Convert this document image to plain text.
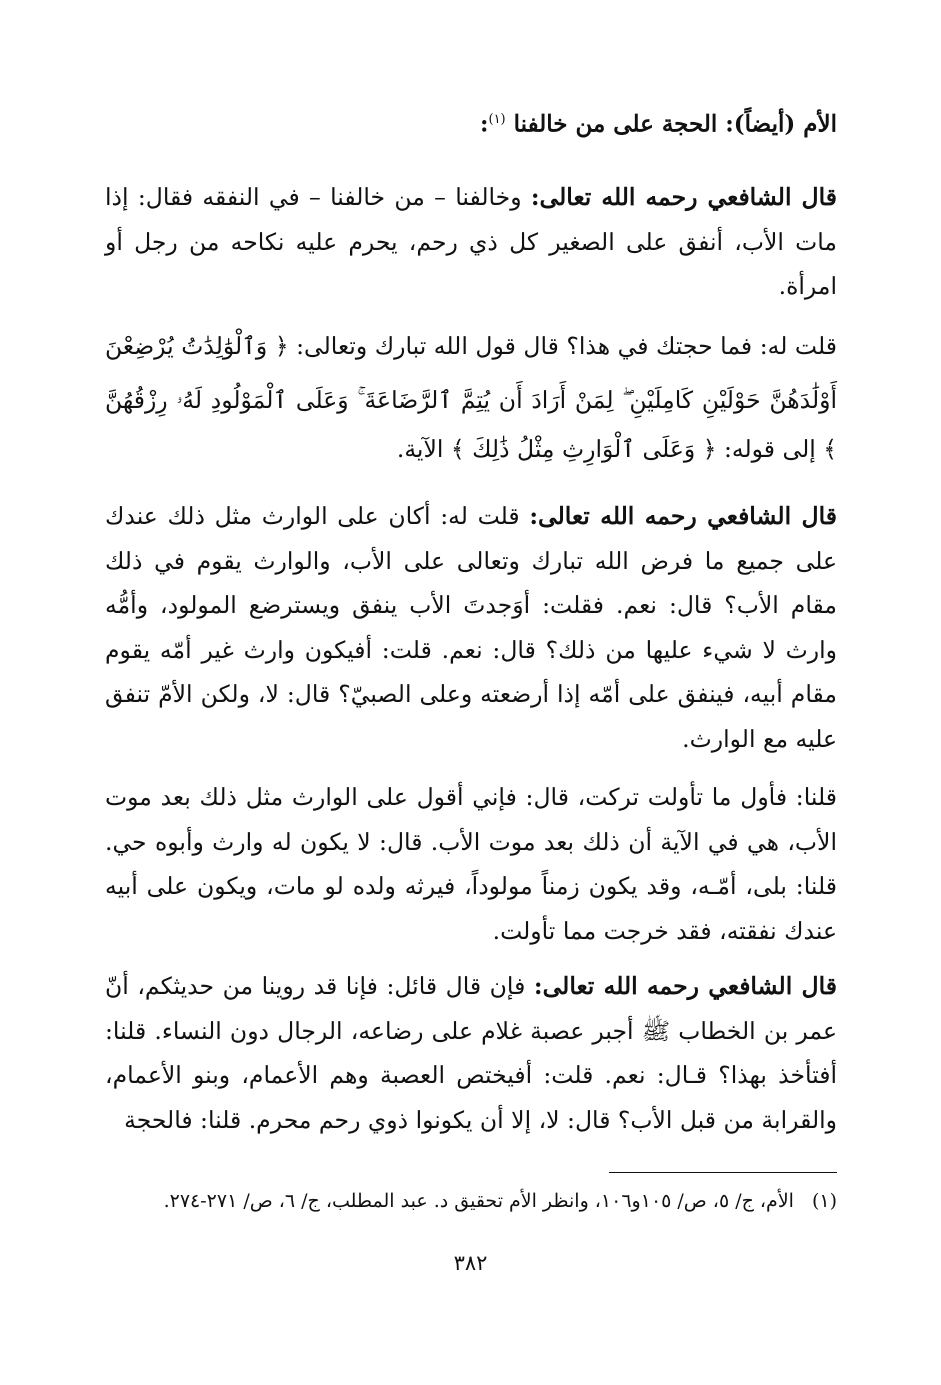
الأم (أيضاً): الحجة على من خالفنا $^{(١)}$:

قال الشافعي رحمه الله تعالى: وخالفنا – من خالفنا – في النفقه فقال: إذا مات الأب، أنفق على الصغير كل ذي رحم، يحرم عليه نكاحه من رجل أو امرأة.

قلت له: فما حجتك في هذا؟ قال قول الله تبارك وتعالى: ﴿ وَٱلْوَٰلِدَٰتُ يُرْضِعْنَ أَوْلَٰدَهُنَّ حَوْلَيْنِ كَامِلَيْنِ ۖ لِمَنْ أَرَادَ أَن يُتِمَّ ٱلرَّضَاعَةَ ۚ وَعَلَى ٱلْمَوْلُودِ لَهُۥ رِزْقُهُنَّ ﴾ إلى قوله: ﴿ وَعَلَى ٱلْوَارِثِ مِثْلُ ذَٰلِكَ ﴾ الآية.

قال الشافعي رحمه الله تعالى: قلت له: أكان على الوارث مثل ذلك عندك على جميع ما فرض الله تبارك وتعالى على الأب، والوارث يقوم في ذلك مقام الأب؟ قال: نعم. فقلت: أوَجدتَ الأب ينفق ويسترضع المولود، وأمُّه وارث لا شيء عليها من ذلك؟ قال: نعم. قلت: أفيكون وارث غير أمّه يقوم مقام أبيه، فينفق على أمّه إذا أرضعته وعلى الصبيّ؟ قال: لا، ولكن الأمّ تنفق عليه مع الوارث.

قلنا: فأول ما تأولت تركت، قال: فإني أقول على الوارث مثل ذلك بعد موت الأب، هي في الآية أن ذلك بعد موت الأب. قال: لا يكون له وارث وأبوه حي. قلنا: بلى، أمّـه، وقد يكون زمناً مولوداً، فيرثه ولده لو مات، ويكون على أبيه عندك نفقته، فقد خرجت مما تأولت.

قال الشافعي رحمه الله تعالى: فإن قال قائل: فإنا قد روينا من حديثكم، أنّ عمر بن الخطاب ﷺ أجبر عصبة غلام على رضاعه، الرجال دون النساء. قلنا: أفتأخذ بهذا؟ قـال: نعم. قلت: أفيختص العصبة وهم الأعمام، وبنو الأعمام، والقرابة من قبل الأب؟ قال: لا، إلا أن يكونوا ذوي رحم محرم. قلنا: فالحجة

(١)الأم، ج/ ٥، ص/ ١٠٥و١٠٦، وانظر الأم تحقيق د. عبد المطلب، ج/ ٦، ص/ ٢٧١-٢٧٤.

٣٨٢
